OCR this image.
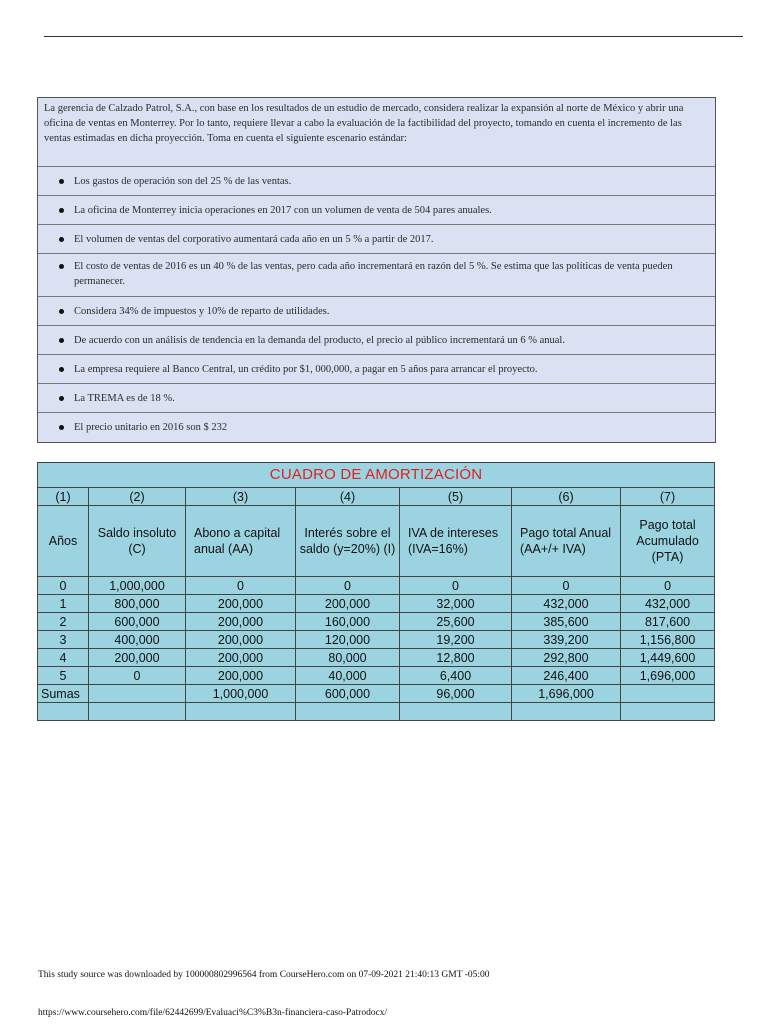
La gerencia de Calzado Patrol, S.A., con base en los resultados de un estudio de mercado, considera realizar la expansión al norte de México y abrir una oficina de ventas en Monterrey. Por lo tanto, requiere llevar a cabo la evaluación de la factibilidad del proyecto, tomando en cuenta el incremento de las ventas estimadas en dicha proyección. Toma en cuenta el siguiente escenario estándar:
Los gastos de operación son del 25 % de las ventas.
La oficina de Monterrey inicia operaciones en 2017 con un volumen de venta de 504 pares anuales.
El volumen de ventas del corporativo aumentará cada año en un 5 % a partir de 2017.
El costo de ventas de 2016 es un 40 % de las ventas, pero cada año incrementará en razón del 5 %. Se estima que las políticas de venta pueden permanecer.
Considera 34% de impuestos y 10% de reparto de utilidades.
De acuerdo con un análisis de tendencia en la demanda del producto, el precio al público incrementará un 6 % anual.
La empresa requiere al Banco Central, un crédito por $1, 000,000, a pagar en 5 años para arrancar el proyecto.
La TREMA es de 18 %.
El precio unitario en 2016 son $ 232
CUADRO DE AMORTIZACIÓN						
(1)	(2)	(3)	(4)	(5)	(6)	(7)
Años	Saldo insoluto (C)	Abono a capital anual (AA)	Interés sobre el saldo (y=20%) (I)	IVA de intereses (IVA=16%)	Pago total Anual (AA+/+ IVA)	Pago total Acumulado (PTA)
0	1,000,000	0	0	0	0	0
1	800,000	200,000	200,000	32,000	432,000	432,000
2	600,000	200,000	160,000	25,600	385,600	817,600
3	400,000	200,000	120,000	19,200	339,200	1,156,800
4	200,000	200,000	80,000	12,800	292,800	1,449,600
5	0	200,000	40,000	6,400	246,400	1,696,000
Sumas		1,000,000	600,000	96,000	1,696,000	

This study source was downloaded by 100000802996564 from CourseHero.com on 07-09-2021 21:40:13 GMT -05:00
https://www.coursehero.com/file/62442699/Evaluaci%C3%B3n-financiera-caso-Patrodocx/
